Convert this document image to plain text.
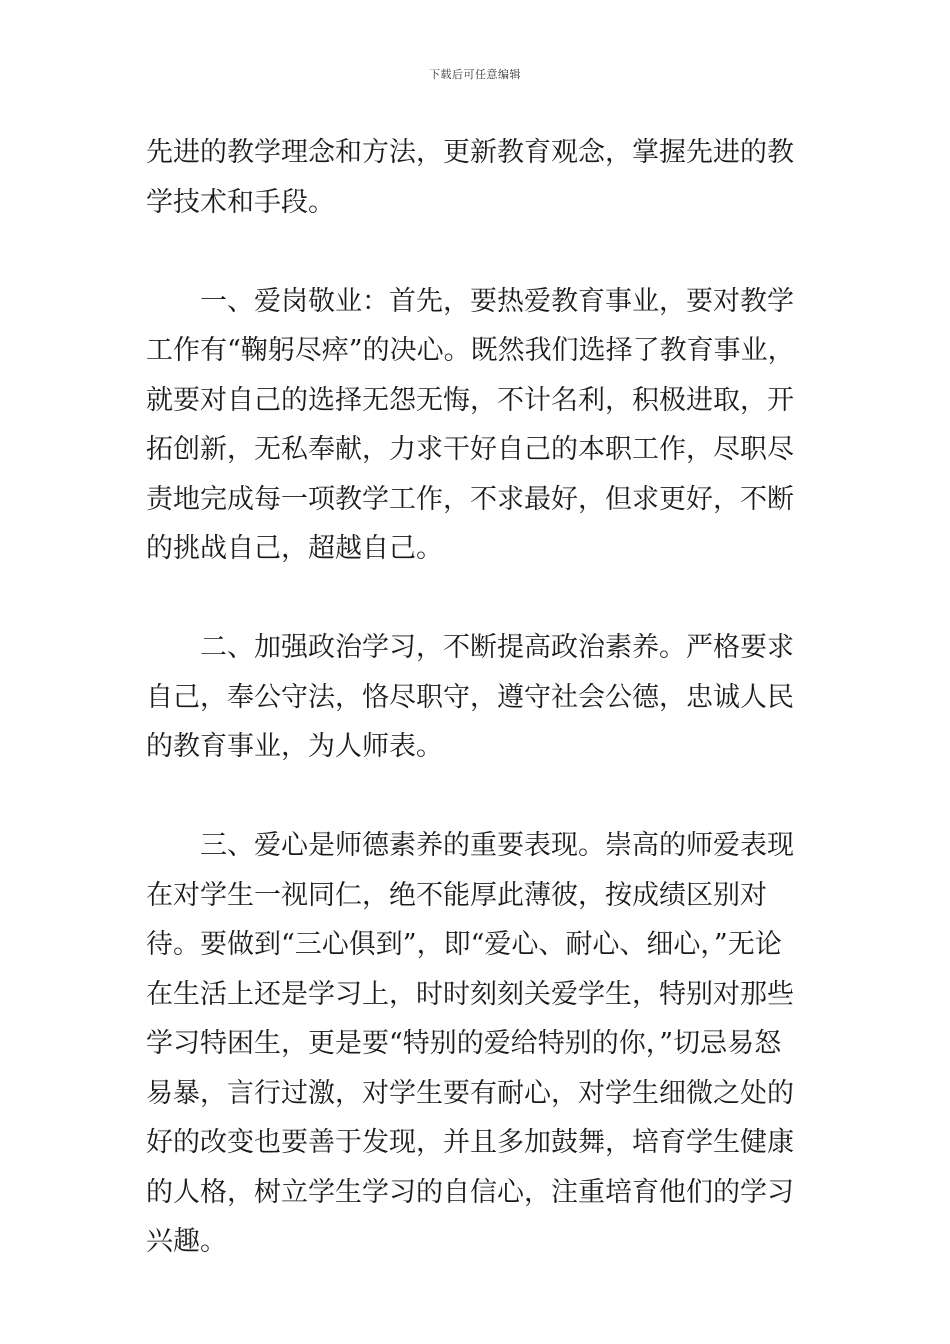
下载后可任意编辑

先进的教学理念和方法，更新教育观念，掌握先进的教学技术和手段。

一、爱岗敬业：首先，要热爱教育事业，要对教学工作有“鞠躬尽瘁”的决心。既然我们选择了教育事业，就要对自己的选择无怨无悔，不计名利，积极进取，开拓创新，无私奉献，力求干好自己的本职工作，尽职尽责地完成每一项教学工作，不求最好，但求更好，不断的挑战自己，超越自己。

二、加强政治学习，不断提高政治素养。严格要求自己，奉公守法，恪尽职守，遵守社会公德，忠诚人民的教育事业，为人师表。

三、爱心是师德素养的重要表现。崇高的师爱表现在对学生一视同仁，绝不能厚此薄彼，按成绩区别对待。要做到“三心俱到”，即“爱心、耐心、细心，”无论在生活上还是学习上，时时刻刻关爱学生，特别对那些学习特困生，更是要“特别的爱给特别的你，”切忌易怒易暴，言行过激，对学生要有耐心，对学生细微之处的好的改变也要善于发现，并且多加鼓舞，培育学生健康的人格，树立学生学习的自信心，注重培育他们的学习兴趣。
